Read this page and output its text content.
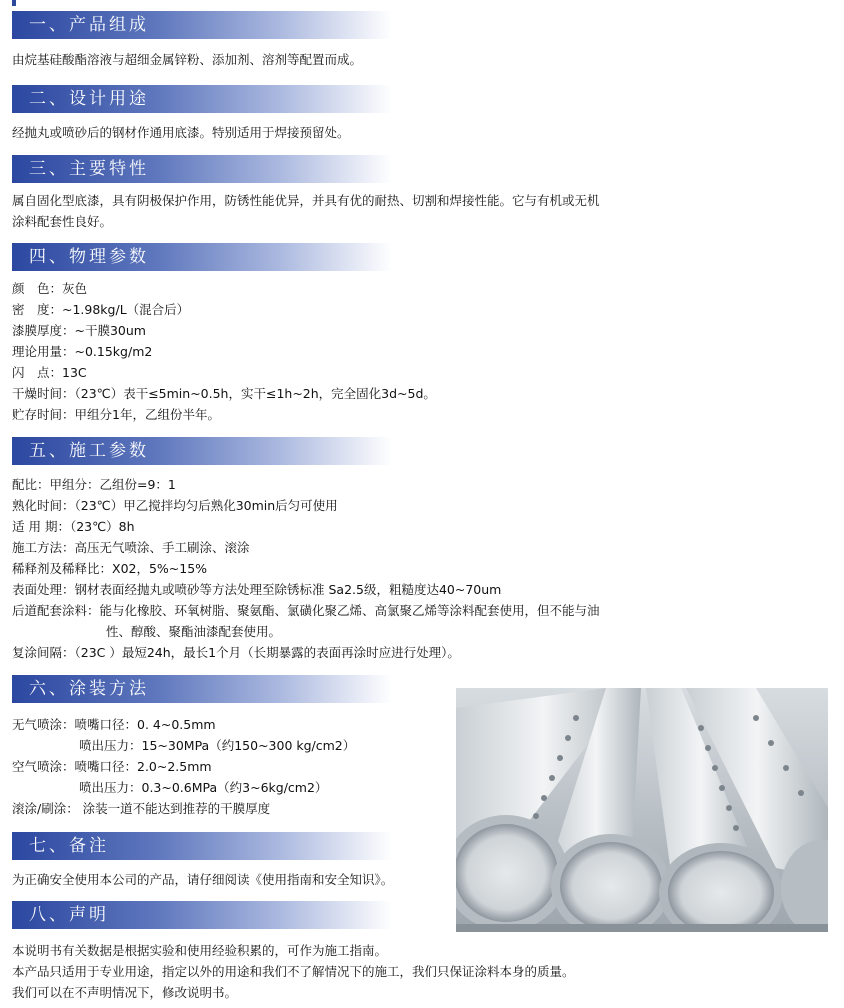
一、产品组成
由烷基硅酸酯溶液与超细金属锌粉、添加剂、溶剂等配置而成。
二、设计用途
经抛丸或喷砂后的钢材作通用底漆。特别适用于焊接预留处。
三、主要特性
属自固化型底漆，具有阴极保护作用，防锈性能优异，并具有优的耐热、切割和焊接性能。它与有机或无机
涂料配套性良好。
四、物理参数
颜　色：灰色
密　度：~1.98kg/L（混合后）
漆膜厚度：~干膜30um
理论用量：~0.15kg/m2
闪　点：13C
干燥时间：（23℃）表干≤5min~0.5h，实干≤1h~2h，完全固化3d~5d。
贮存时间：甲组分1年，乙组份半年。
五、施工参数
配比：甲组分：乙组份=9：1
熟化时间：（23℃）甲乙搅拌均匀后熟化30min后匀可使用
适 用 期：（23℃）8h
施工方法：高压无气喷涂、手工刷涂、滚涂
稀释剂及稀释比：X02，5%~15%
表面处理：钢材表面经抛丸或喷砂等方法处理至除锈标准 Sa2.5级，粗糙度达40~70um
后道配套涂料：能与化橡胶、环氧树脂、聚氨酯、氯磺化聚乙烯、高氯聚乙烯等涂料配套使用，但不能与油
性、醇酸、聚酯油漆配套使用。
复涂间隔：（23C ）最短24h，最长1个月（长期暴露的表面再涂时应进行处理）。
六、涂装方法
无气喷涂：喷嘴口径：0. 4~0.5mm
喷出压力：15~30MPa（约150~300 kg/cm2）
空气喷涂：喷嘴口径：2.0~2.5mm
喷出压力：0.3~0.6MPa（约3~6kg/cm2）
滚涂/刷涂： 涂装一道不能达到推荐的干膜厚度
七、备注
为正确安全使用本公司的产品，请仔细阅读《使用指南和安全知识》。
八、声明
本说明书有关数据是根据实验和使用经验积累的，可作为施工指南。
本产品只适用于专业用途，指定以外的用途和我们不了解情况下的施工，我们只保证涂料本身的质量。
我们可以在不声明情况下，修改说明书。
